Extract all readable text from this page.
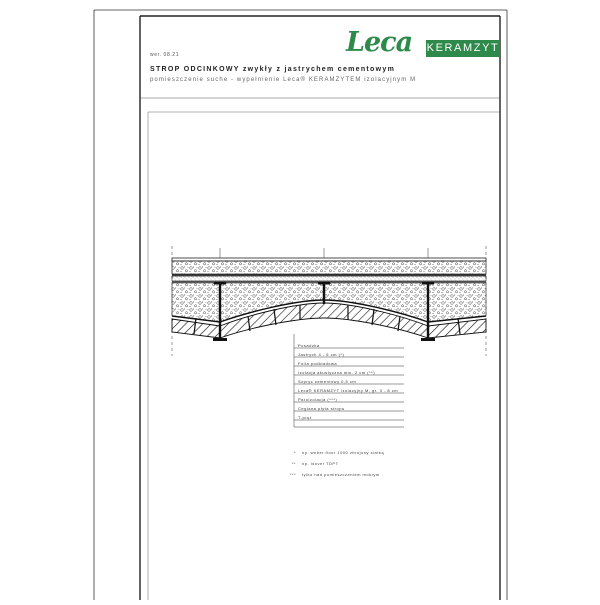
Leca KERAMZYT
wer. 08.21
STROP ODCINKOWY zwykły z jastrychem cementowym
pomieszczenie suche - wypełnienie Leca® KERAMZYTEM izolacyjnym M
Posadzka
Jastrych 4 - 6 cm (*)
Folia podkładowa
Izolacja akustyczna min. 2 cm (**)
Szpryc cementowy 0,5 cm
Leca® KERAMZYT izolacyjny M, gr. 3 - 8 cm
Paroizolacja (***)
Ceglana płyta stropu
T-pręt
* np. weber.floor 1000 zbrojony siatką
** np. Isover TDPT
*** tylko nad pomieszczeniem mokrym
